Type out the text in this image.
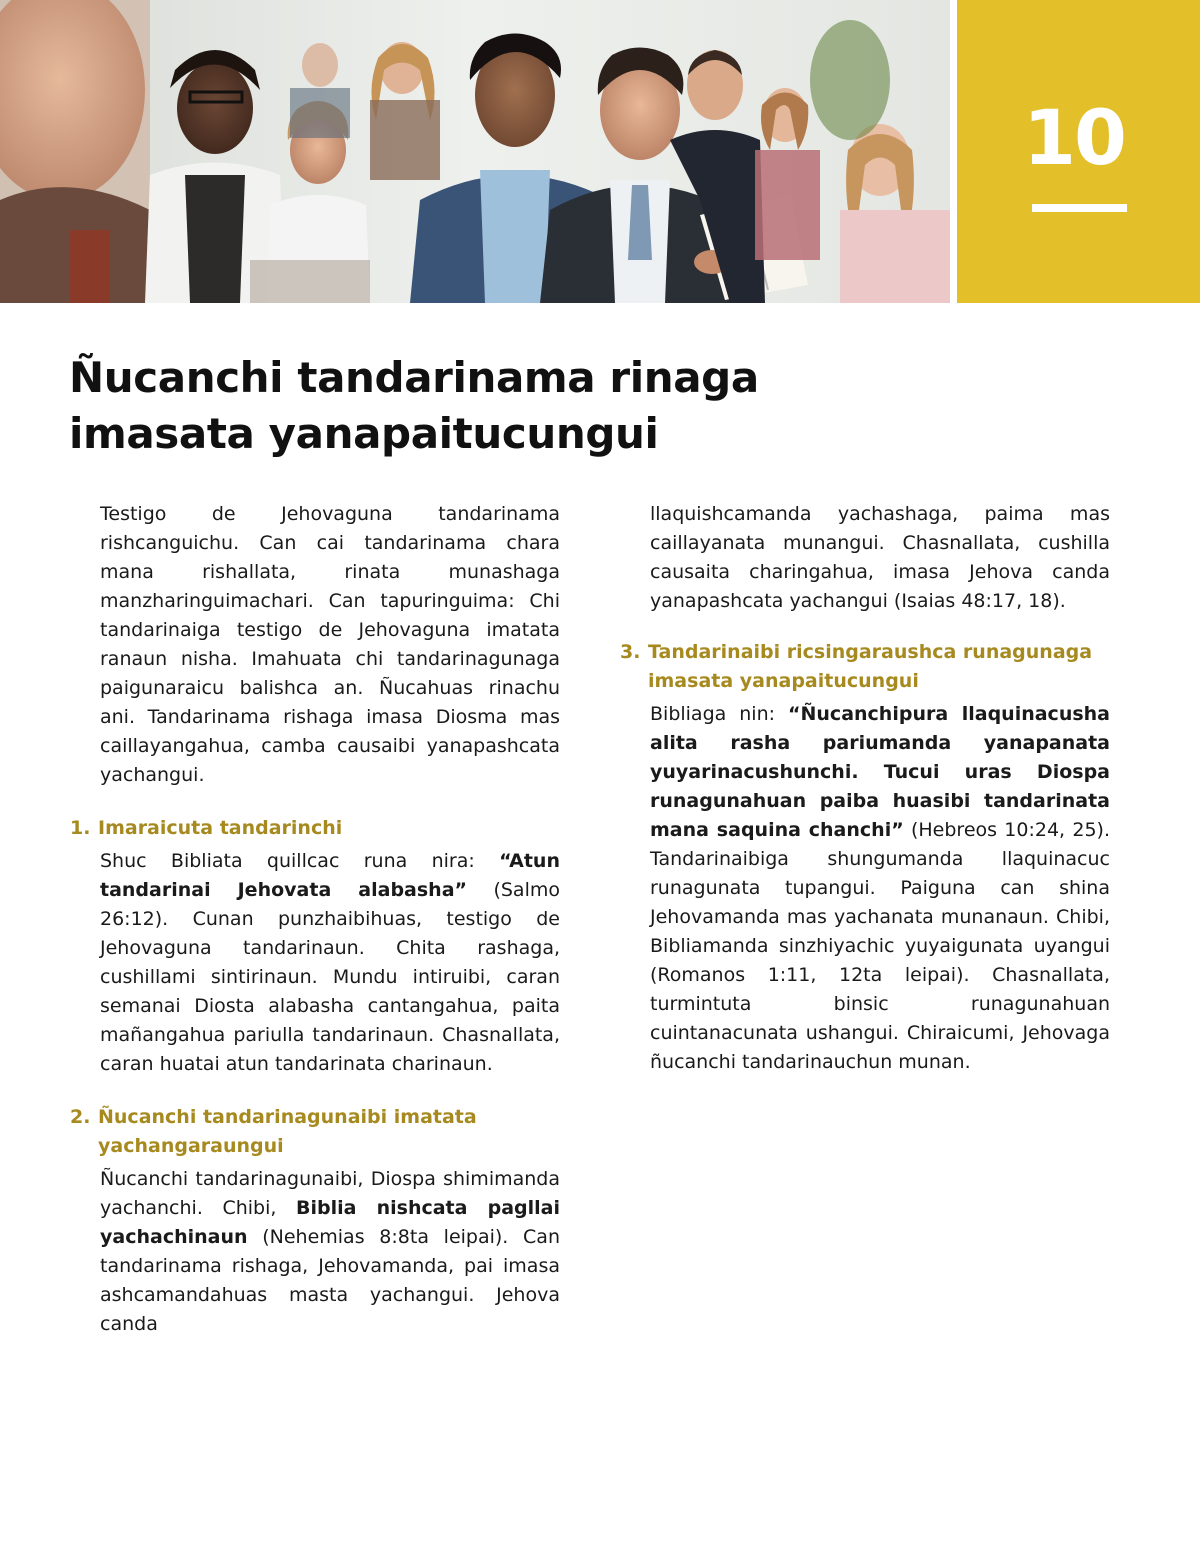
10
Ñucanchi tandarinama rinaga imasata yanapaitucungui

Testigo de Jehovaguna tandarinama rishcanguichu. Can cai tandarinama chara mana rishallata, rinata munashaga manzharinguimachari. Can tapuringuima: Chi tandarinaiga testigo de Jehovaguna imatata ranaun nisha. Imahuata chi tandarinagunaga paigunaraicu balishca an. Ñucahuas rinachu ani. Tandarinama rishaga imasa Diosma mas caillayangahua, camba causaibi yanapashcata yachangui.

1. Imaraicuta tandarinchi

Shuc Bibliata quillcac runa nira: “Atun tandarinai Jehovata alabasha” (Salmo 26:12). Cunan punzhaibihuas, testigo de Jehovaguna tandarinaun. Chita rashaga, cushillami sintirinaun. Mundu intiruibi, caran semanai Diosta alabasha cantangahua, paita mañangahua pariulla tandarinaun. Chasnallata, caran huatai atun tandarinata charinaun.

2. Ñucanchi tandarinagunaibi imatata yachangaraungui

Ñucanchi tandarinagunaibi, Diospa shimimanda yachanchi. Chibi, Biblia nishcata pagllai yachachinaun (Nehemias 8:8ta leipai). Can tandarinama rishaga, Jehovamanda, pai imasa ashcamandahuas masta yachangui. Jehova canda

llaquishcamanda yachashaga, paima mas caillayanata munangui. Chasnallata, cushilla causaita charingahua, imasa Jehova canda yanapashcata yachangui (Isaias 48:17, 18).

3. Tandarinaibi ricsingaraushca runagunaga imasata yanapaitucungui

Bibliaga nin: “Ñucanchipura llaquinacusha alita rasha pariumanda yanapanata yuyarinacushunchi. Tucui uras Diospa runagunahuan paiba huasibi tandarinata mana saquina chanchi” (Hebreos 10:24, 25). Tandarinaibiga shungumanda llaquinacuc runagunata tupangui. Paiguna can shina Jehovamanda mas yachanata munanaun. Chibi, Bibliamanda sinzhiyachic yuyaigunata uyangui (Romanos 1:11, 12ta leipai). Chasnallata, turmintuta binsic runagunahuan cuintanacunata ushangui. Chiraicumi, Jehovaga ñucanchi tandarinauchun munan.
